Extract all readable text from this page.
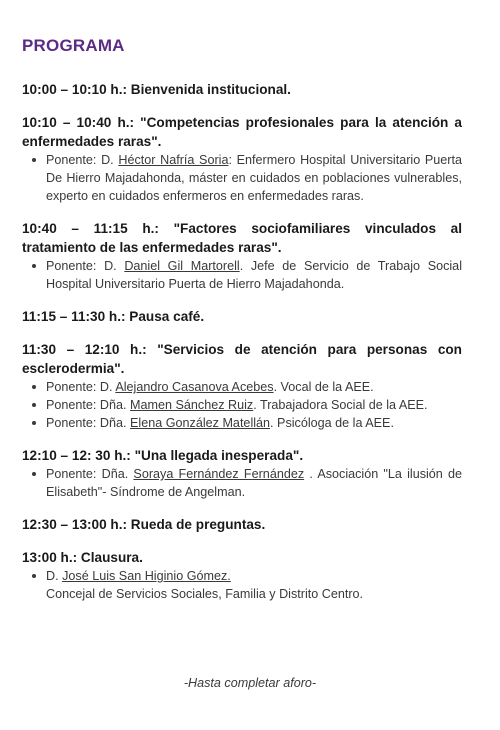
PROGRAMA

10:00 – 10:10 h.: Bienvenida institucional.

10:10 – 10:40 h.: "Competencias profesionales para la atención a enfermedades raras".

Ponente: D. Héctor Nafría Soria: Enfermero Hospital Universitario Puerta De Hierro Majadahonda, máster en cuidados en poblaciones vulnerables, experto en cuidados enfermeros en enfermedades raras.

10:40 – 11:15 h.: "Factores sociofamiliares vinculados al tratamiento de las enfermedades raras".

Ponente: D. Daniel Gil Martorell. Jefe de Servicio de Trabajo Social Hospital Universitario Puerta de Hierro Majadahonda.

11:15 – 11:30 h.: Pausa café.

11:30 – 12:10 h.: "Servicios de atención para personas con esclerodermia".

Ponente: D. Alejandro Casanova Acebes. Vocal de la AEE.
Ponente: Dña. Mamen Sánchez Ruiz. Trabajadora Social de la AEE.
Ponente: Dña. Elena González Matellán. Psicóloga de la AEE.

12:10 – 12: 30 h.: "Una llegada inesperada".

Ponente: Dña. Soraya Fernández Fernández . Asociación "La ilusión de Elisabeth"- Síndrome de Angelman.

12:30 – 13:00 h.: Rueda de preguntas.

13:00 h.: Clausura.

D. José Luis San Higinio Gómez.
Concejal de Servicios Sociales, Familia y Distrito Centro.
-Hasta completar aforo-
